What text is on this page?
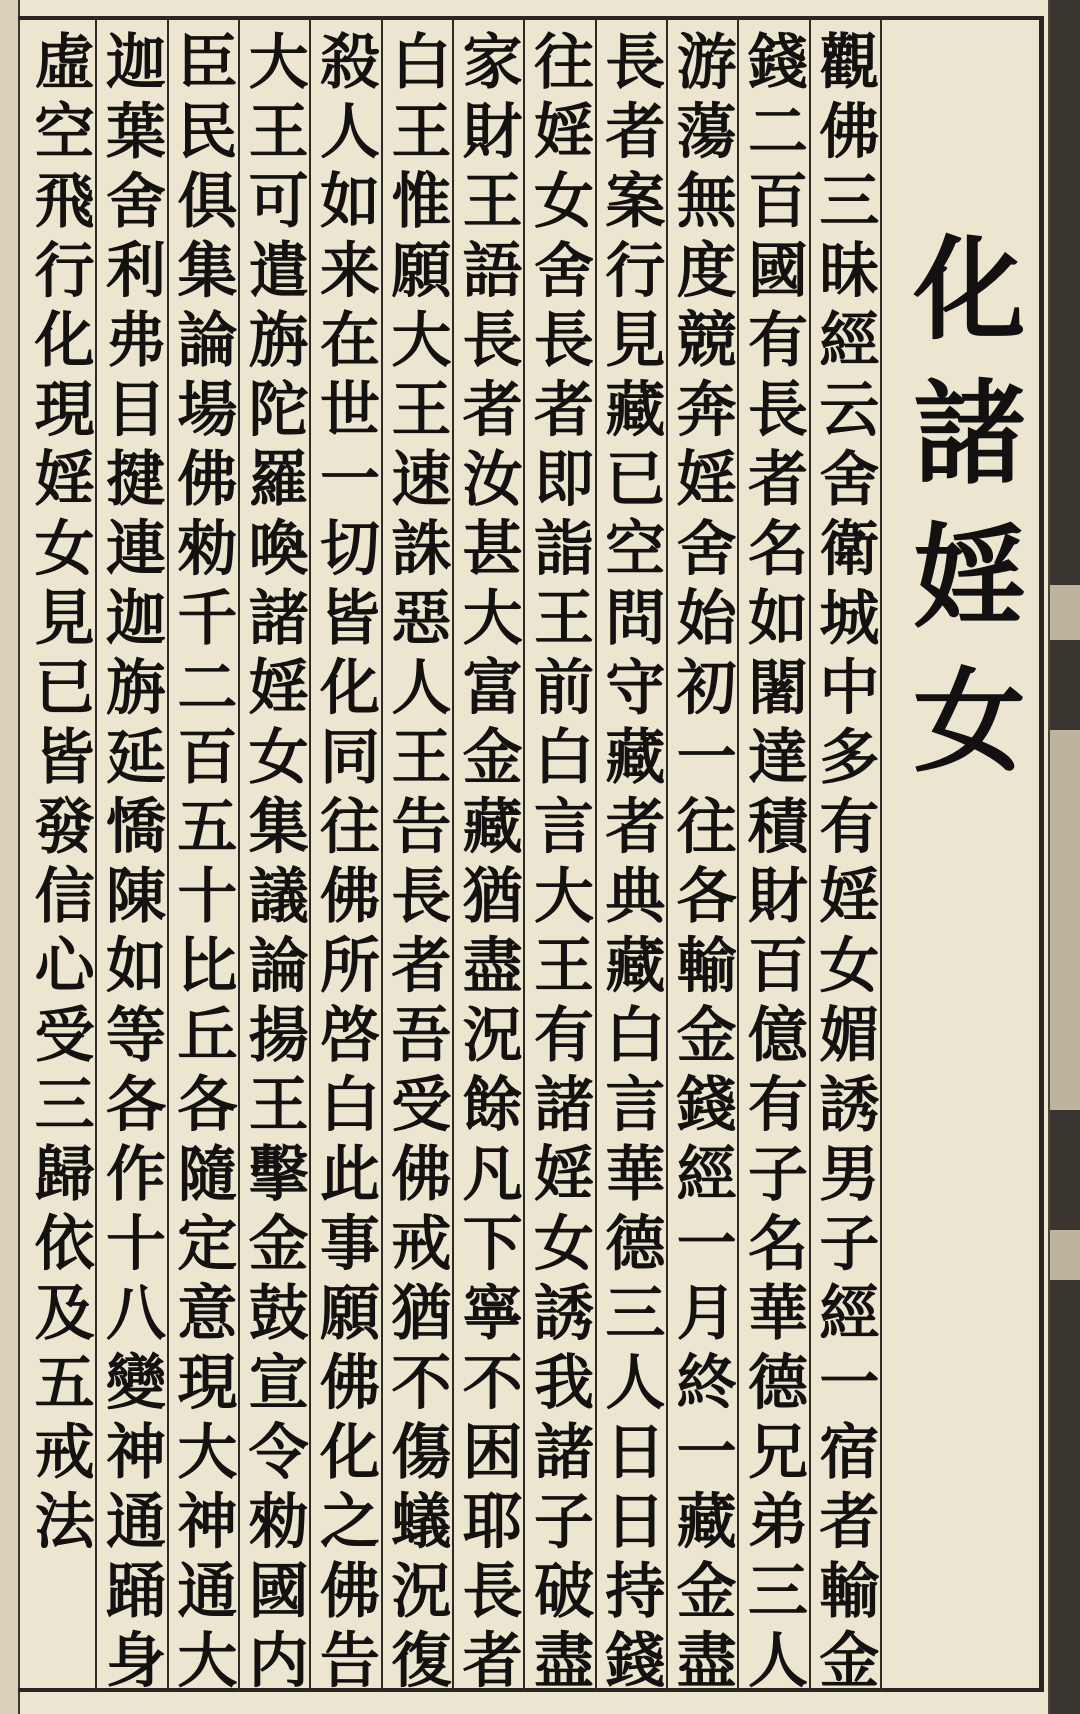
化諸婬女
觀佛三昧經云舍衛城中多有婬女媚誘男子經一宿者輸金
錢二百國有長者名如闍達積財百億有子名華德兄弟三人
游蕩無度競奔婬舍始初一往各輸金錢經一月終一藏金盡
長者案行見藏已空問守藏者典藏白言華德三人日日持錢
往婬女舍長者即詣王前白言大王有諸婬女誘我諸子破盡
家財王語長者汝甚大富金藏猶盡況餘凡下寧不困耶長者
白王惟願大王速誅惡人王告長者吾受佛戒猶不傷蟻況復
殺人如来在世一切皆化同往佛所啓白此事願佛化之佛告
大王可遣旃陀羅喚諸婬女集議論揚王擊金鼓宣令勑國内
臣民俱集論場佛勑千二百五十比丘各隨定意現大神通大
迦葉舍利弗目揵連迦旃延憍陳如等各作十八變神通踊身
虛空飛行化現婬女見已皆發信心受三歸依及五戒法
